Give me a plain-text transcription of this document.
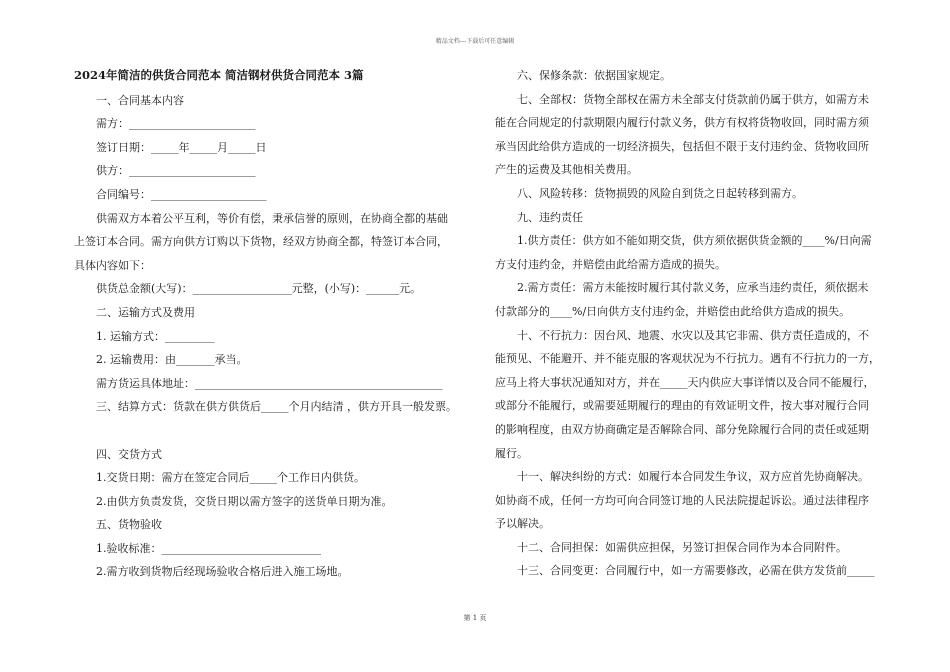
精品文档---下载后可任意编辑
2024年简洁的供货合同范本 简洁钢材供货合同范本 3篇
一、合同基本内容
需方：_______________________
签订日期：_____年_____月_____日
供方：_______________________
合同编号：_____________________
供需双方本着公平互利，等价有偿，秉承信誉的原则，在协商全都的基础
上签订本合同。需方向供方订购以下货物，经双方协商全都，特签订本合同，
具体内容如下：
供货总金额(大写)：__________________元整，(小写)：______元。
二、运输方式及费用
1. 运输方式：_________
2. 运输费用：由_______承当。
需方货运具体地址：_____________________________________________
三、结算方式：货款在供方供货后_____个月内结清 ，供方开具一般发票。
四、交货方式
1.交货日期：需方在签定合同后_____个工作日内供货。
2.由供方负责发货，交货日期以需方签字的送货单日期为准。
五、货物验收
1.验收标准：_____________________________
2.需方收到货物后经现场验收合格后进入施工场地。
六、保修条款：依据国家规定。
七、全部权：货物全部权在需方未全部支付货款前仍属于供方，如需方未
能在合同规定的付款期限内履行付款义务，供方有权将货物收回，同时需方须
承当因此给供方造成的一切经济损失，包括但不限于支付违约金、货物收回所
产生的运费及其他相关费用。
八、风险转移：货物损毁的风险自到货之日起转移到需方。
九、违约责任
1.供方责任：供方如不能如期交货，供方须依据供货金额的____%/日向需
方支付违约金，并赔偿由此给需方造成的损失。
2.需方责任：需方未能按时履行其付款义务，应承当违约责任，须依据未
付款部分的____%/日向供方支付违约金，并赔偿由此给供方造成的损失。
十、不行抗力：因台风、地震、水灾以及其它非需、供方责任造成的，不
能预见、不能避开、并不能克服的客观状况为不行抗力。遇有不行抗力的一方，
应马上将大事状况通知对方，并在_____天内供应大事详情以及合同不能履行，
或部分不能履行，或需要延期履行的理由的有效证明文件，按大事对履行合同
的影响程度，由双方协商确定是否解除合同、部分免除履行合同的责任或延期
履行。
十一、解决纠纷的方式：如履行本合同发生争议，双方应首先协商解决。
如协商不成，任何一方均可向合同签订地的人民法院提起诉讼。通过法律程序
予以解决。
十二、合同担保：如需供应担保，另签订担保合同作为本合同附件。
十三、合同变更：合同履行中，如一方需要修改，必需在供方发货前_____
第 1 页
